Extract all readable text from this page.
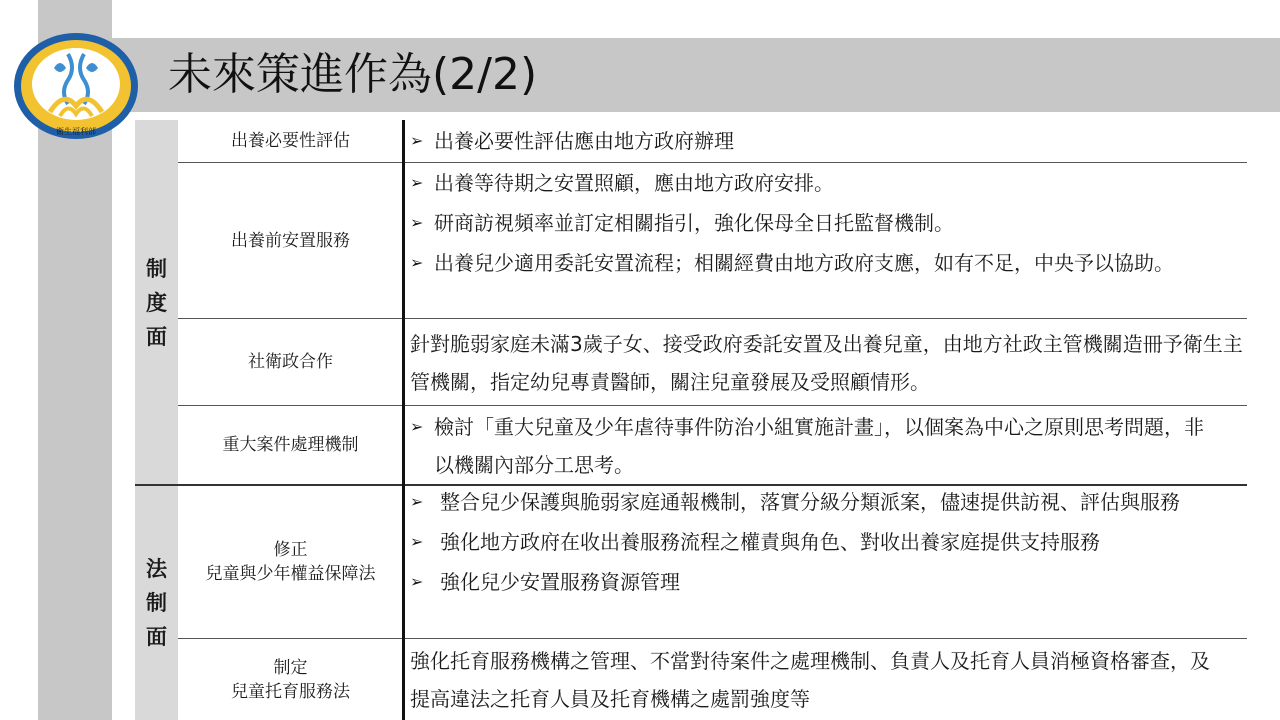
未來策進作為(2/2)
衛生福利部
制度面
法制面
出養必要性評估
出養前安置服務
社衛政合作
重大案件處理機制
修正
兒童與少年權益保障法
制定
兒童托育服務法
➢ 出養必要性評估應由地方政府辦理
➢ 出養等待期之安置照顧，應由地方政府安排。
➢ 研商訪視頻率並訂定相關指引，強化保母全日托監督機制。
➢ 出養兒少適用委託安置流程；相關經費由地方政府支應，如有不足，中央予以協助。
針對脆弱家庭未滿3歲子女、接受政府委託安置及出養兒童，由地方社政主管機關造冊予衛生主管機關，指定幼兒專責醫師，關注兒童發展及受照顧情形。
➢ 檢討「重大兒童及少年虐待事件防治小組實施計畫」，以個案為中心之原則思考問題，非以機關內部分工思考。
➢ 整合兒少保護與脆弱家庭通報機制，落實分級分類派案，儘速提供訪視、評估與服務
➢ 強化地方政府在收出養服務流程之權責與角色、對收出養家庭提供支持服務
➢ 強化兒少安置服務資源管理
強化托育服務機構之管理、不當對待案件之處理機制、負責人及托育人員消極資格審查，及提高違法之托育人員及托育機構之處罰強度等
